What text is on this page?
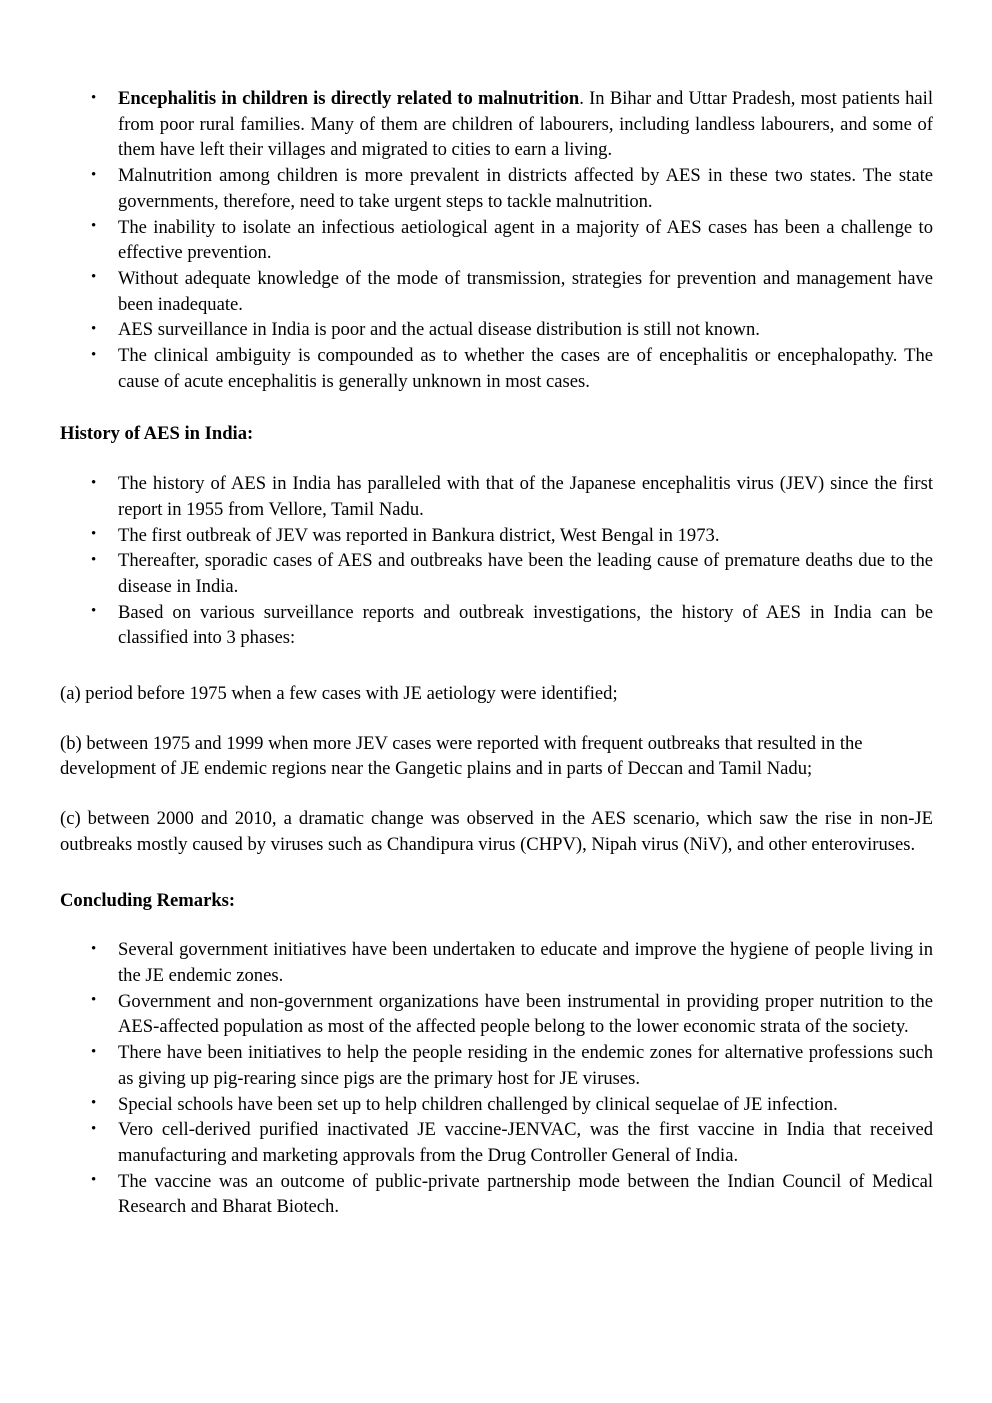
• Encephalitis in children is directly related to malnutrition. In Bihar and Uttar Pradesh, most patients hail from poor rural families. Many of them are children of labourers, including landless labourers, and some of them have left their villages and migrated to cities to earn a living.
• Malnutrition among children is more prevalent in districts affected by AES in these two states. The state governments, therefore, need to take urgent steps to tackle malnutrition.
• The inability to isolate an infectious aetiological agent in a majority of AES cases has been a challenge to effective prevention.
• Without adequate knowledge of the mode of transmission, strategies for prevention and management have been inadequate.
• AES surveillance in India is poor and the actual disease distribution is still not known.
• The clinical ambiguity is compounded as to whether the cases are of encephalitis or encephalopathy. The cause of acute encephalitis is generally unknown in most cases.

History of AES in India:

• The history of AES in India has paralleled with that of the Japanese encephalitis virus (JEV) since the first report in 1955 from Vellore, Tamil Nadu.
• The first outbreak of JEV was reported in Bankura district, West Bengal in 1973.
• Thereafter, sporadic cases of AES and outbreaks have been the leading cause of premature deaths due to the disease in India.
• Based on various surveillance reports and outbreak investigations, the history of AES in India can be classified into 3 phases:

(a) period before 1975 when a few cases with JE aetiology were identified;

(b) between 1975 and 1999 when more JEV cases were reported with frequent outbreaks that resulted in the development of JE endemic regions near the Gangetic plains and in parts of Deccan and Tamil Nadu;

(c) between 2000 and 2010, a dramatic change was observed in the AES scenario, which saw the rise in non-JE outbreaks mostly caused by viruses such as Chandipura virus (CHPV), Nipah virus (NiV), and other enteroviruses.

Concluding Remarks:

• Several government initiatives have been undertaken to educate and improve the hygiene of people living in the JE endemic zones.
• Government and non-government organizations have been instrumental in providing proper nutrition to the AES-affected population as most of the affected people belong to the lower economic strata of the society.
• There have been initiatives to help the people residing in the endemic zones for alternative professions such as giving up pig-rearing since pigs are the primary host for JE viruses.
• Special schools have been set up to help children challenged by clinical sequelae of JE infection.
• Vero cell-derived purified inactivated JE vaccine-JENVAC, was the first vaccine in India that received manufacturing and marketing approvals from the Drug Controller General of India.
• The vaccine was an outcome of public-private partnership mode between the Indian Council of Medical Research and Bharat Biotech.
